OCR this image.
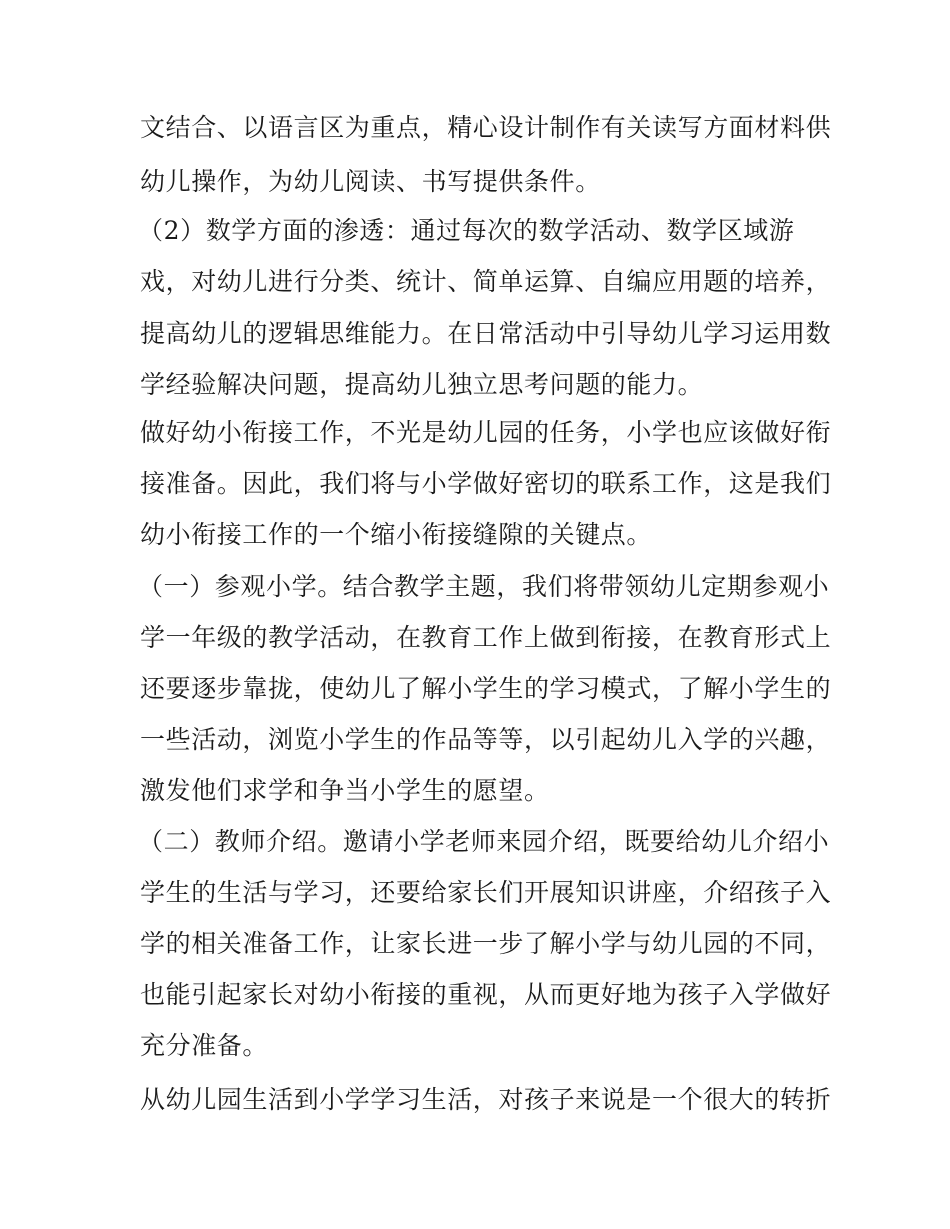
文结合、以语言区为重点，精心设计制作有关读写方面材料供
幼儿操作，为幼儿阅读、书写提供条件。
（2）数学方面的渗透：通过每次的数学活动、数学区域游
戏，对幼儿进行分类、统计、简单运算、自编应用题的培养，
提高幼儿的逻辑思维能力。在日常活动中引导幼儿学习运用数
学经验解决问题，提高幼儿独立思考问题的能力。
做好幼小衔接工作，不光是幼儿园的任务，小学也应该做好衔
接准备。因此，我们将与小学做好密切的联系工作，这是我们
幼小衔接工作的一个缩小衔接缝隙的关键点。
（一）参观小学。结合教学主题，我们将带领幼儿定期参观小
学一年级的教学活动，在教育工作上做到衔接，在教育形式上
还要逐步靠拢，使幼儿了解小学生的学习模式，了解小学生的
一些活动，浏览小学生的作品等等，以引起幼儿入学的兴趣，
激发他们求学和争当小学生的愿望。
（二）教师介绍。邀请小学老师来园介绍，既要给幼儿介绍小
学生的生活与学习，还要给家长们开展知识讲座，介绍孩子入
学的相关准备工作，让家长进一步了解小学与幼儿园的不同，
也能引起家长对幼小衔接的重视，从而更好地为孩子入学做好
充分准备。
从幼儿园生活到小学学习生活，对孩子来说是一个很大的转折
